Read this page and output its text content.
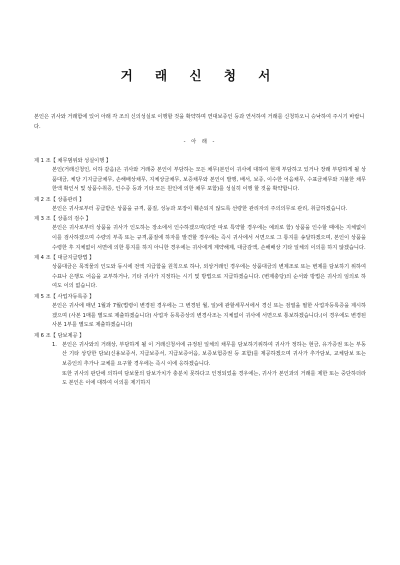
거 래 신 청 서

본인은 귀사와 거래함에 있어 아래 각 조의 신의성실로 이행할 것을 확약하며 연대보증인 등과 연서하여 거래를 신청하오니 승낙하여 주시기 바랍니다.

- 아 래 -
제 1 조【 채무범위와 성실이행 】
본인(거래신청인, 이하 같음)은 귀사와 거래중 본인이 부담하는 모든 채무(본인이 귀사에 대하여 현재 부담하고 있거나 장래 부담하게 될 상품대금, 체당 기지급금채무, 손해배상채무, 지체상금채무, 보증채무와 본인이 발행, 배서, 보증, 이수한 어음채무, 수표금채무와 지불한 채무한액 확인서 및 상품수취증, 인수증 등과 기타 모든 원인에 의한 채무 포함)를 성실히 이행 할 것을 확약합니다.
제 2 조【 상품관리 】
본인은 귀사로부터 공급받은 상품을 규격, 품질, 성능과 포장이 훼손되지 않도록 선량한 관리자의 주의의무로 관리, 취급하겠습니다.
제 3 조【 상품의 검수 】
본인은 귀사로부터 상품을 귀사가 인도하는 장소에서 인수하겠으며(다만 따로 특약할 경우에는 예외로 함) 상품을 인수할 때에는 지체없이 이를 검사하겠으며 수량의 부족 또는 규격,품질에 하자를 발견할 경우에는 즉시 귀사에서 서면으로 그 통지를 송달하겠으며, 본인이 상품을 수령한 후 지체없이 서면에 의한 통지를 하지 아니한 경우에는 귀사에게 계약해제, 대금감액, 손해배상 기타 일체의 이의를 하지 않겠습니다.
제 4 조【 대금지급방법 】
상품대금은 목적물의 인도와 동시에 전액 지급함을 원칙으로 하나, 외상거래인 경우에는 상품대금의 변제조로 또는 변제를 담보하기 위하여 수표나 은행도 어음을 교부하거나, 기타 귀사가 지정하는 시기 및 방법으로 지급하겠습니다. (변제충당)의 순서와 방법은 귀사의 임의로 하여도 이의 없습니다.
제 5 조【 사업자등록증 】
본인은 귀사에 매년 1월과 7월(법령이 변경된 경우에는 그 변경된 월, 일)에 관할세무서에서 경신 또는 검열을 필한 사업자등록증을 제시하겠으며 (사본 1매를 별도로 제출하겠습니다) 사업자 등록증상의 변경사조는 지체없이 귀사에 서면으로 통보하겠습니다.(이 경우에도 변경된 사본 1부를 별도로 제출하겠습니다)
제 6 조【 담보제공 】
1. 본인은 귀사와의 거래상, 부담하게 될 이 거래신청서에 규정된 일체의 채무를 담보하기위하여 귀사가 정하는 현금, 유가증권 또는 부동산 기타 상당한 담보(신용보증서, 지급보증서, 지급보증어음, 보증보험증권 등 포함)를 제공하겠으며 귀사가 추가담보, 교체담보 또는 보증인의 추가나 교체를 요구할 경우에는 즉시 이에 응하겠습니다.
또한 귀사의 판단에 의하여 담보물의 담보가치가 충분치 못하다고 인정되었을 경우에는, 귀사가 본인과의 거래를 제한 또는 중단하더라도 본인은 이에 대하여 이의를 제기하지
